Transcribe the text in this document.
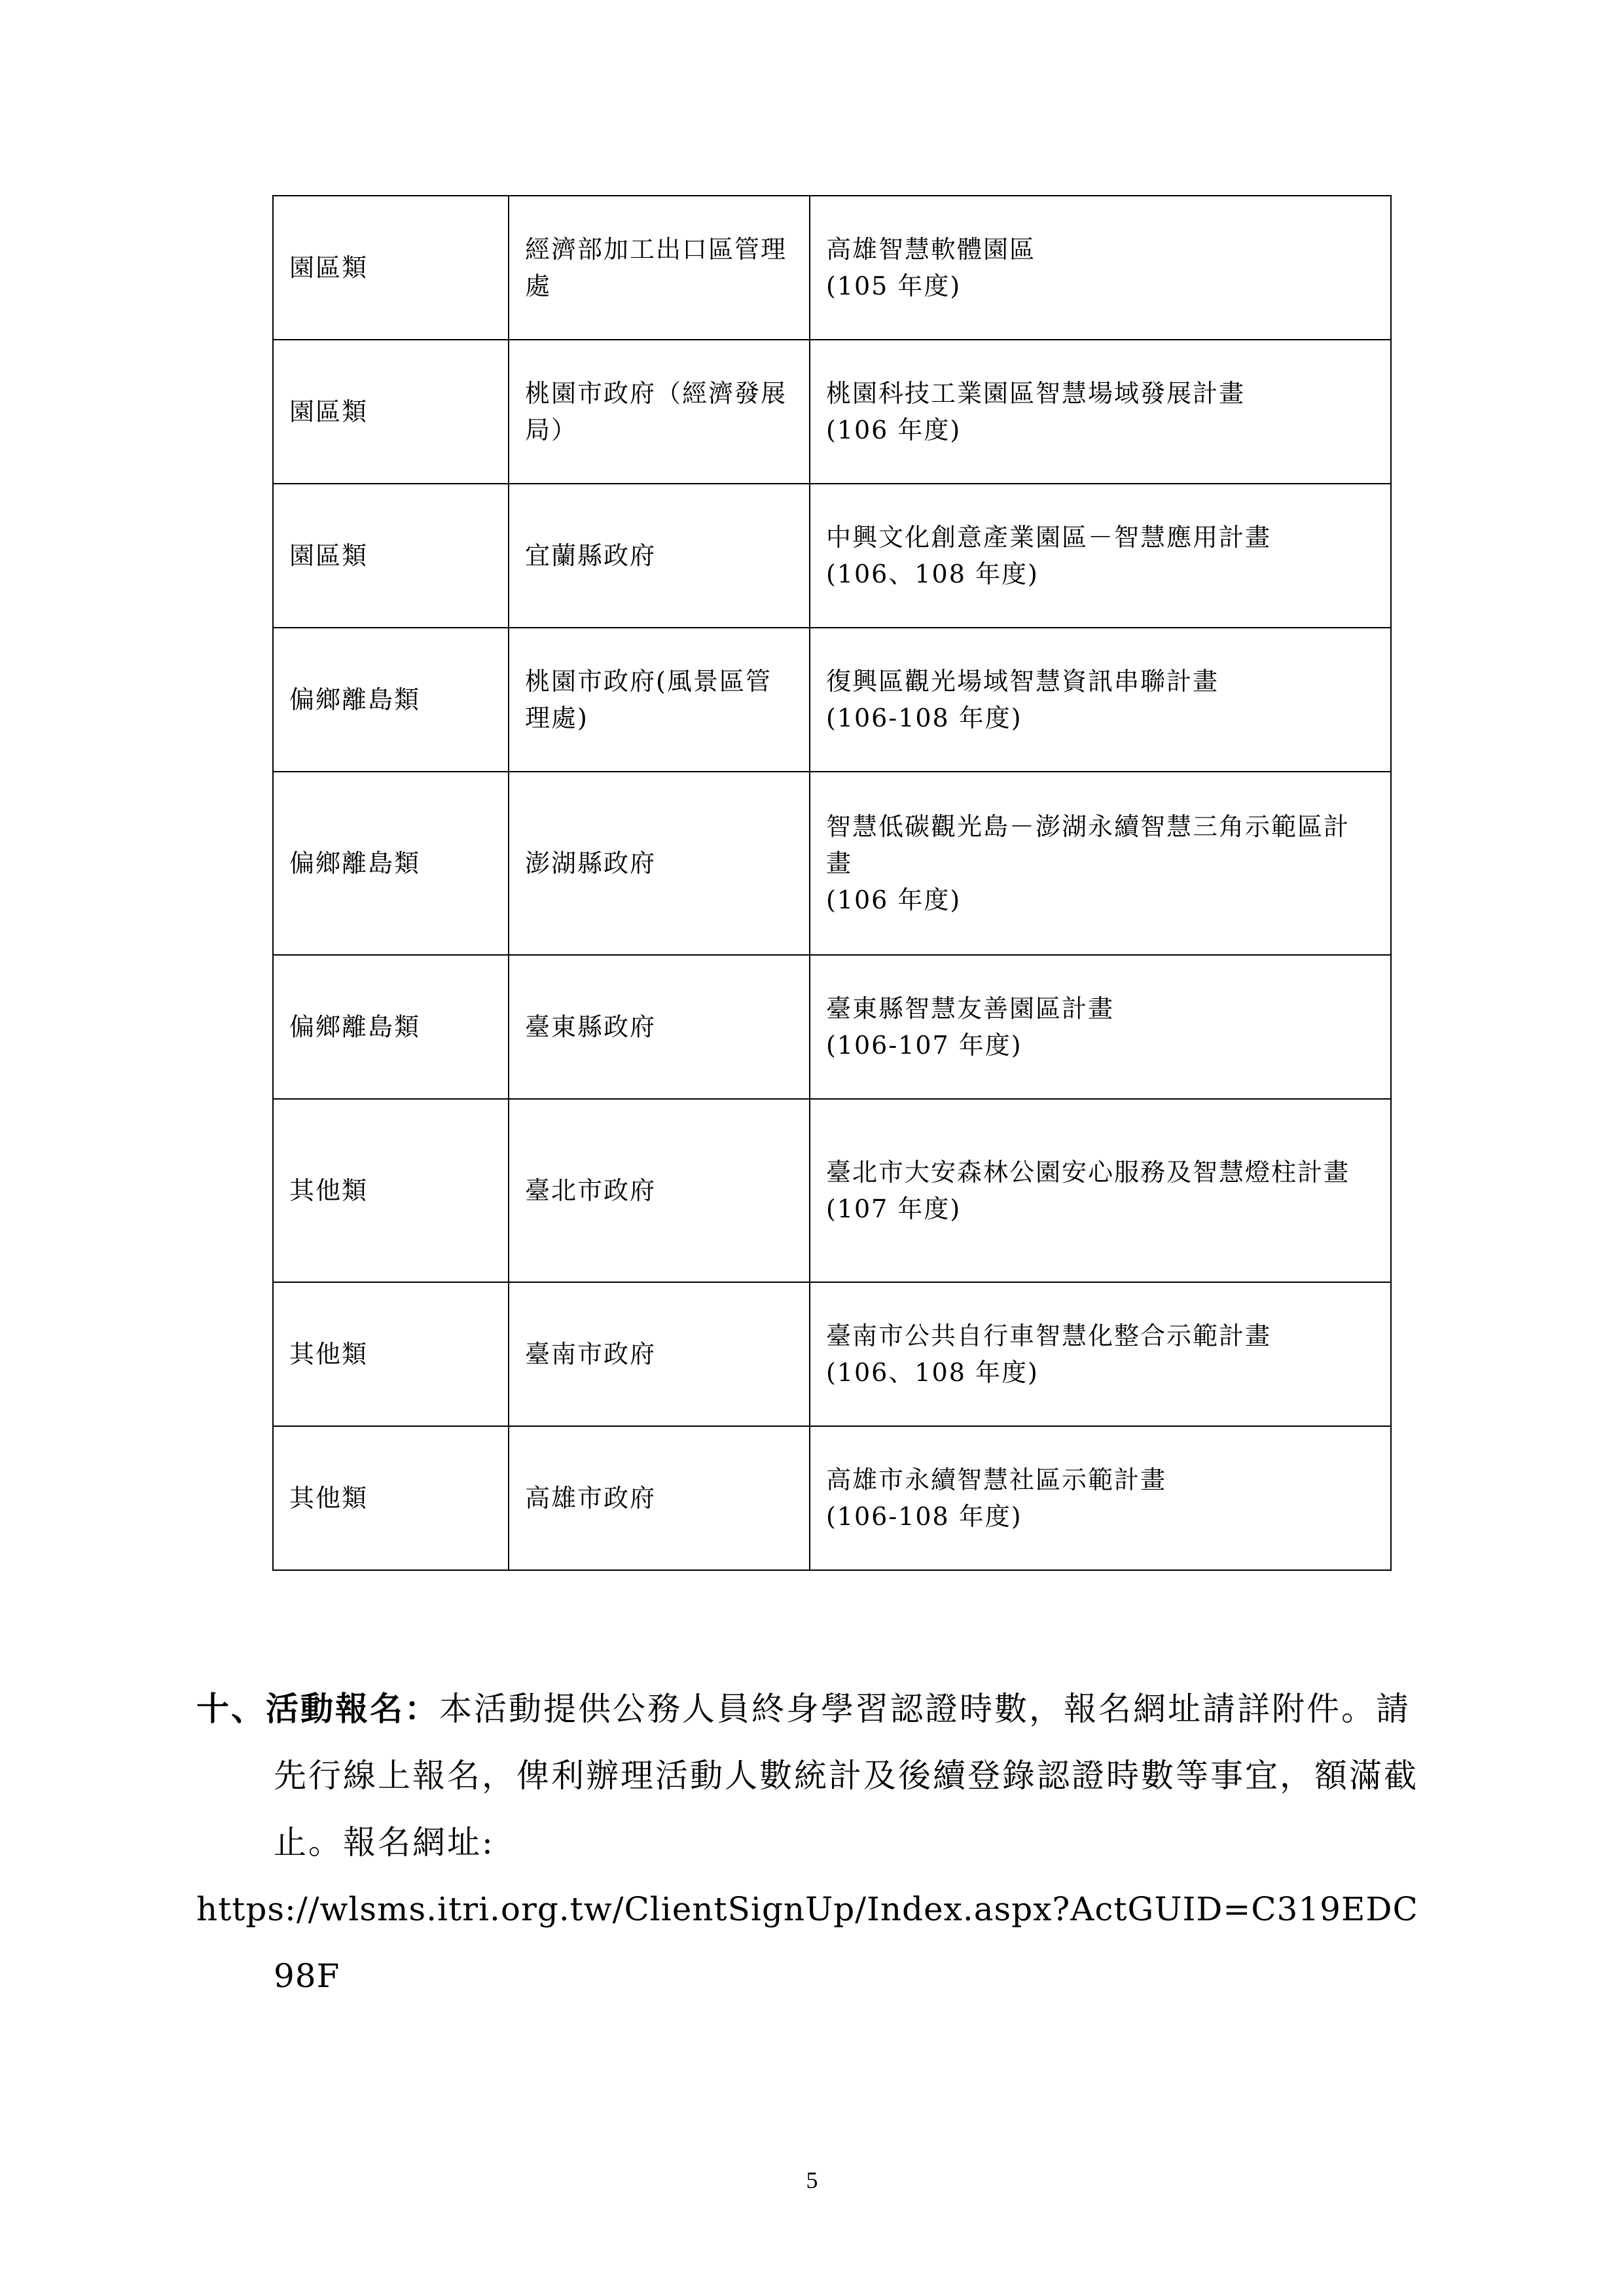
園區類	經濟部加工出口區管理處	高雄智慧軟體園區
(105 年度)

園區類	桃園市政府（經濟發展局）	桃園科技工業園區智慧場域發展計畫
(106 年度)

園區類	宜蘭縣政府	中興文化創意產業園區－智慧應用計畫
(106、108 年度)

偏鄉離島類	桃園市政府(風景區管理處)	復興區觀光場域智慧資訊串聯計畫
(106-108 年度)

偏鄉離島類	澎湖縣政府	智慧低碳觀光島－澎湖永續智慧三角示範區計畫
(106 年度)

偏鄉離島類	臺東縣政府	臺東縣智慧友善園區計畫
(106-107 年度)

其他類	臺北市政府	臺北市大安森林公園安心服務及智慧燈柱計畫
(107 年度)

其他類	臺南市政府	臺南市公共自行車智慧化整合示範計畫
(106、108 年度)

其他類	高雄市政府	高雄市永續智慧社區示範計畫
(106-108 年度)

十、活動報名：本活動提供公務人員終身學習認證時數，報名網址請詳附件。請先行線上報名，俾利辦理活動人數統計及後續登錄認證時數等事宜，額滿截止。報名網址:
https://wlsms.itri.org.tw/ClientSignUp/Index.aspx?ActGUID=C319EDC98F

5
